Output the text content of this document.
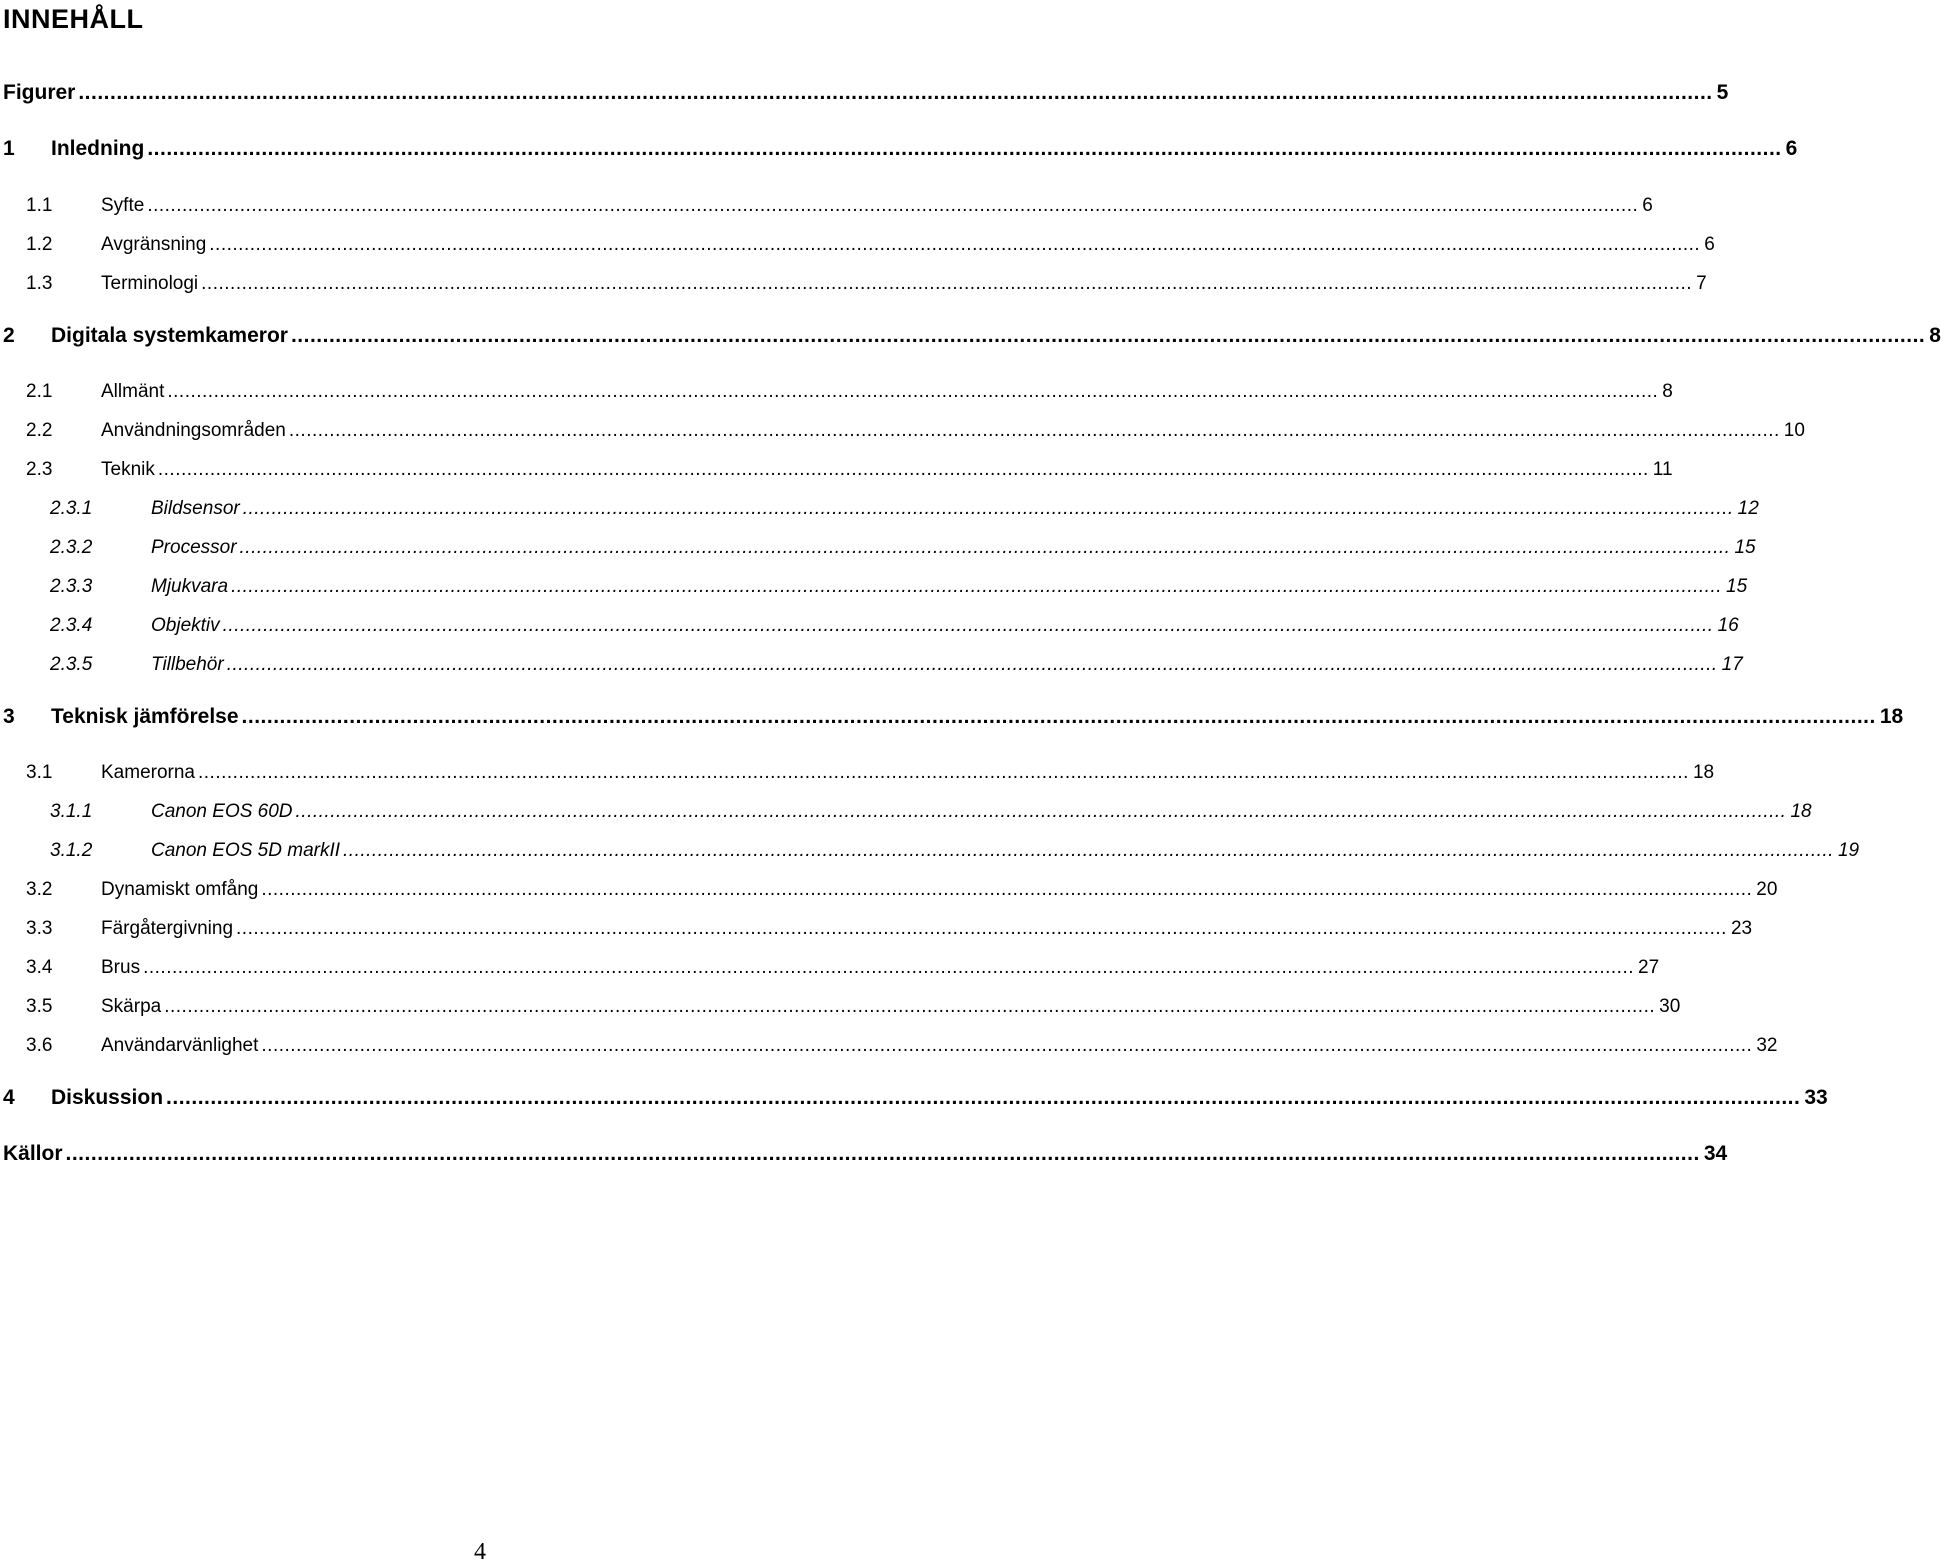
INNEHÅLL
Figurer .....	5
1	Inledning .....	6
1.1	Syfte .....	6
1.2	Avgränsning .....	6
1.3	Terminologi .....	7
2	Digitala systemkameror .....	8
2.1	Allmänt .....	8
2.2	Användningsområden .....	10
2.3	Teknik .....	11
2.3.1	Bildsensor .....	12
2.3.2	Processor .....	15
2.3.3	Mjukvara .....	15
2.3.4	Objektiv .....	16
2.3.5	Tillbehör .....	17
3	Teknisk jämförelse .....	18
3.1	Kamerorna .....	18
3.1.1	Canon EOS 60D .....	18
3.1.2	Canon EOS 5D markII .....	19
3.2	Dynamiskt omfång .....	20
3.3	Färgåtergivning .....	23
3.4	Brus .....	27
3.5	Skärpa .....	30
3.6	Användarvänlighet .....	32
4	Diskussion .....	33
Källor .....	34
4
